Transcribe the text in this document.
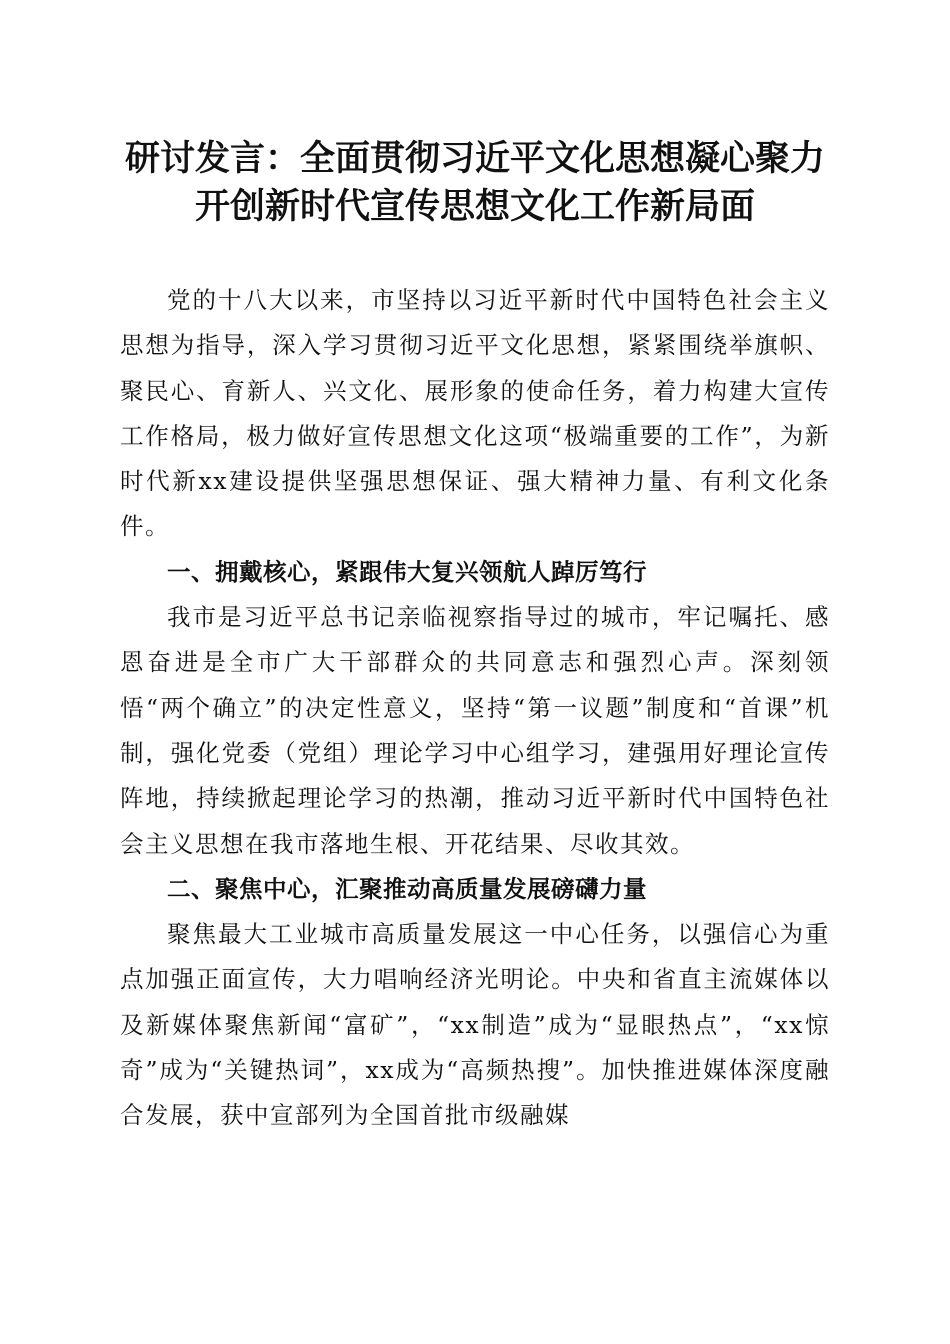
研讨发言：全面贯彻习近平文化思想凝心聚力
开创新时代宣传思想文化工作新局面

党的十八大以来，市坚持以习近平新时代中国特色社会主义思想为指导，深入学习贯彻习近平文化思想，紧紧围绕举旗帜、聚民心、育新人、兴文化、展形象的使命任务，着力构建大宣传工作格局，极力做好宣传思想文化这项“极端重要的工作”，为新时代新xx建设提供坚强思想保证、强大精神力量、有利文化条件。

一、拥戴核心，紧跟伟大复兴领航人踔厉笃行

我市是习近平总书记亲临视察指导过的城市，牢记嘱托、感恩奋进是全市广大干部群众的共同意志和强烈心声。深刻领悟“两个确立”的决定性意义，坚持“第一议题”制度和“首课”机制，强化党委（党组）理论学习中心组学习，建强用好理论宣传阵地，持续掀起理论学习的热潮，推动习近平新时代中国特色社会主义思想在我市落地生根、开花结果、尽收其效。

二、聚焦中心，汇聚推动高质量发展磅礴力量

聚焦最大工业城市高质量发展这一中心任务，以强信心为重点加强正面宣传，大力唱响经济光明论。中央和省直主流媒体以及新媒体聚焦新闻“富矿”，“xx制造”成为“显眼热点”，“xx惊奇”成为“关键热词”，xx成为“高频热搜”。加快推进媒体深度融合发展，获中宣部列为全国首批市级融媒
